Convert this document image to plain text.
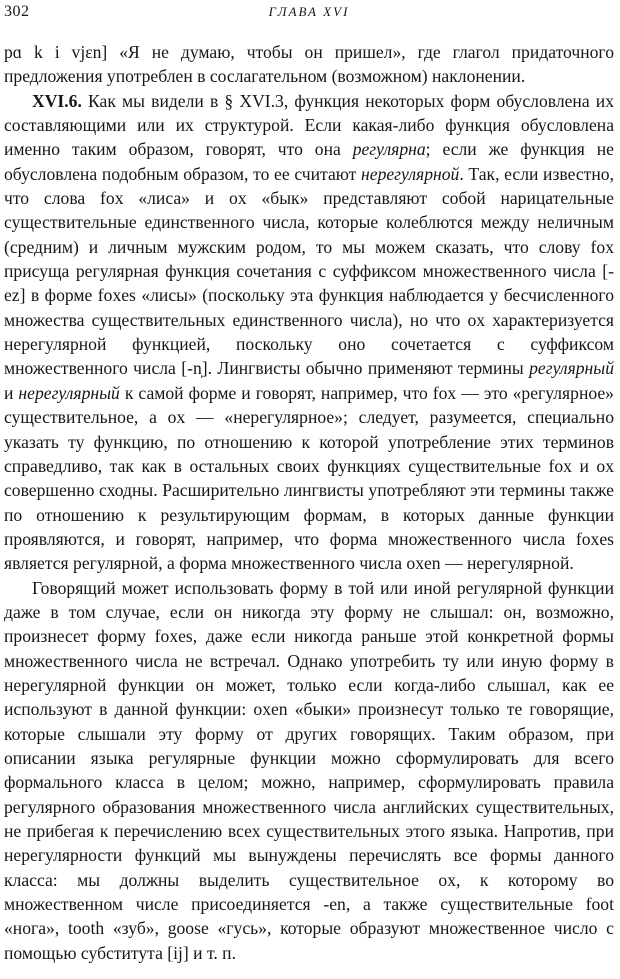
302	ГЛАВА XVI

pɑ k i vjɛn] «Я не думаю, чтобы он пришел», где глагол придаточного предложения употреблен в сослагательном (возможном) наклонении.

XVI.6. Как мы видели в § XVI.3, функция некоторых форм обусловлена их составляющими или их структурой. Если какая-либо функция обусловлена именно таким образом, говорят, что она регулярна; если же функция не обусловлена подобным образом, то ее считают нерегулярной. Так, если известно, что слова fox «лиса» и ox «бык» представляют собой нарицательные существительные единственного числа, которые колеблются между неличным (средним) и личным мужским родом, то мы можем сказать, что слову fox присуща регулярная функция сочетания с суффиксом множественного числа [-ez] в форме foxes «лисы» (поскольку эта функция наблюдается у бесчисленного множества существительных единственного числа), но что ox характеризуется нерегулярной функцией, поскольку оно сочетается с суффиксом множественного числа [-n̩]. Лингвисты обычно применяют термины регулярный и нерегулярный к самой форме и говорят, например, что fox — это «регулярное» существительное, а ox — «нерегулярное»; следует, разумеется, специально указать ту функцию, по отношению к которой употребление этих терминов справедливо, так как в остальных своих функциях существительные fox и ox совершенно сходны. Расширительно лингвисты употребляют эти термины также по отношению к результирующим формам, в которых данные функции проявляются, и говорят, например, что форма множественного числа foxes является регулярной, а форма множественного числа oxen — нерегулярной.

Говорящий может использовать форму в той или иной регулярной функции даже в том случае, если он никогда эту форму не слышал: он, возможно, произнесет форму foxes, даже если никогда раньше этой конкретной формы множественного числа не встречал. Однако употребить ту или иную форму в нерегулярной функции он может, только если когда-либо слышал, как ее используют в данной функции: oxen «быки» произнесут только те говорящие, которые слышали эту форму от других говорящих. Таким образом, при описании языка регулярные функции можно сформулировать для всего формального класса в целом; можно, например, сформулировать правила регулярного образования множественного числа английских существительных, не прибегая к перечислению всех существительных этого языка. Напротив, при нерегулярности функций мы вынуждены перечислять все формы данного класса: мы должны выделить существительное ox, к которому во множественном числе присоединяется -en, а также существительные foot «нога», tooth «зуб», goose «гусь», которые образуют множественное число с помощью субститута [ij] и т. п.
